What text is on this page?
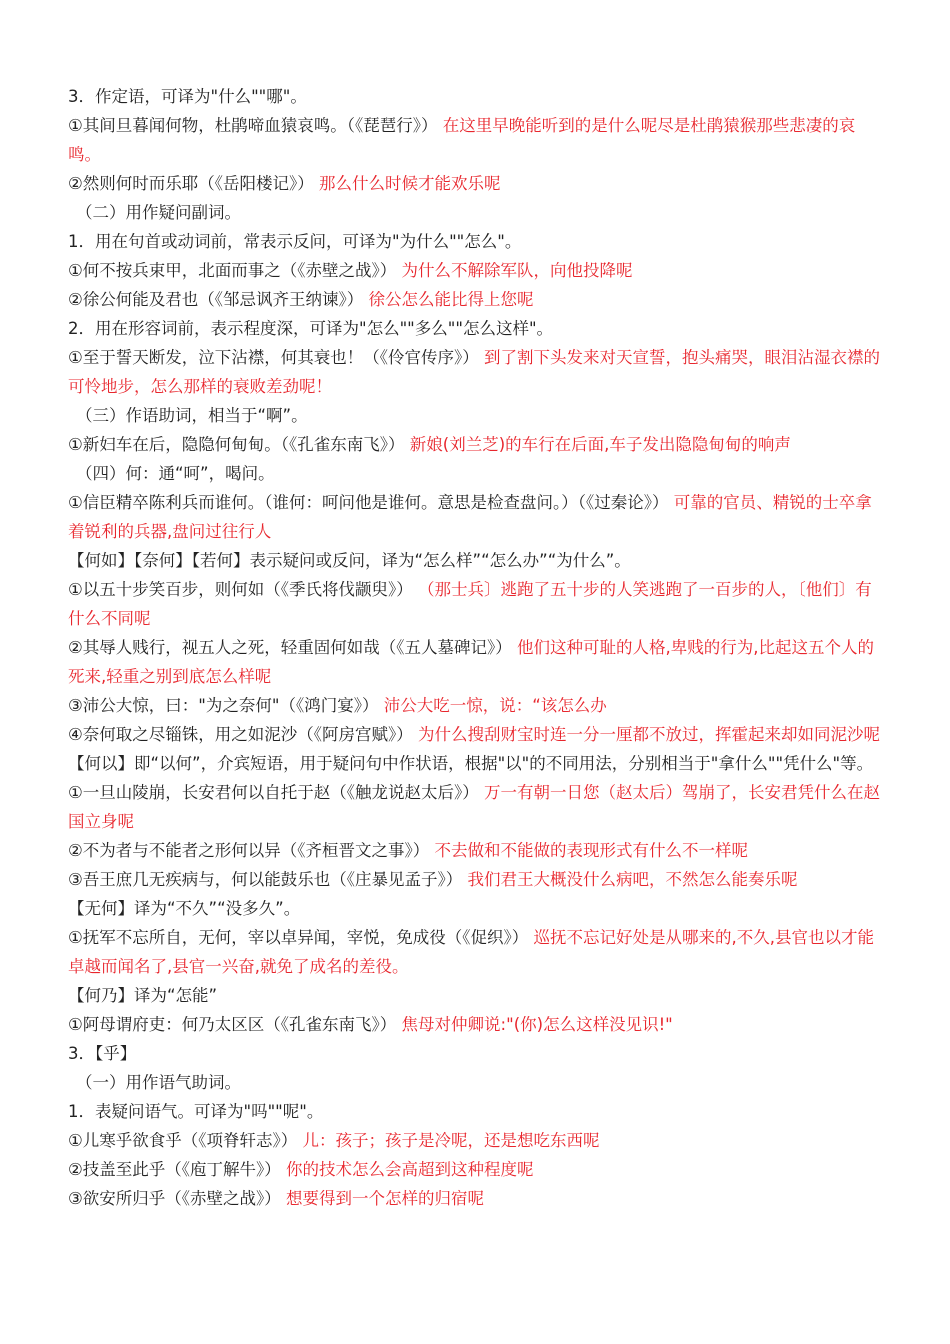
3．作定语，可译为"什么""哪"。
①其间旦暮闻何物，杜鹃啼血猿哀鸣。（《琵琶行》） 在这里早晚能听到的是什么呢尽是杜鹃猿猴那些悲凄的哀鸣。
②然则何时而乐耶（《岳阳楼记》） 那么什么时候才能欢乐呢
（二）用作疑问副词。
1．用在句首或动词前，常表示反问，可译为"为什么""怎么"。
①何不按兵束甲，北面而事之（《赤壁之战》） 为什么不解除军队，向他投降呢
②徐公何能及君也（《邹忌讽齐王纳谏》） 徐公怎么能比得上您呢
2．用在形容词前，表示程度深，可译为"怎么""多么""怎么这样"。
①至于誓天断发，泣下沾襟，何其衰也！（《伶官传序》） 到了割下头发来对天宣誓，抱头痛哭，眼泪沾湿衣襟的可怜地步，怎么那样的衰败差劲呢！
（三）作语助词，相当于“啊”。
①新妇车在后，隐隐何甸甸。（《孔雀东南飞》） 新娘(刘兰芝)的车行在后面,车子发出隐隐甸甸的响声
（四）何：通“呵”，喝问。
①信臣精卒陈利兵而谁何。（谁何：呵问他是谁何。意思是检查盘问。）（《过秦论》） 可靠的官员、精锐的士卒拿着锐利的兵器,盘问过往行人
【何如】【奈何】【若何】表示疑问或反问，译为“怎么样”“怎么办”“为什么”。
①以五十步笑百步，则何如（《季氏将伐颛臾》） （那士兵〕逃跑了五十步的人笑逃跑了一百步的人，〔他们〕有什么不同呢
②其辱人贱行，视五人之死，轻重固何如哉（《五人墓碑记》） 他们这种可耻的人格,卑贱的行为,比起这五个人的死来,轻重之别到底怎么样呢
③沛公大惊，曰："为之奈何"（《鸿门宴》） 沛公大吃一惊，说：“该怎么办
④奈何取之尽锱铢，用之如泥沙（《阿房宫赋》） 为什么搜刮财宝时连一分一厘都不放过，挥霍起来却如同泥沙呢
【何以】即“以何”，介宾短语，用于疑问句中作状语，根据"以"的不同用法，分别相当于"拿什么""凭什么"等。
①一旦山陵崩，长安君何以自托于赵（《触龙说赵太后》） 万一有朝一日您（赵太后）驾崩了，长安君凭什么在赵国立身呢
②不为者与不能者之形何以异（《齐桓晋文之事》） 不去做和不能做的表现形式有什么不一样呢
③吾王庶几无疾病与，何以能鼓乐也（《庄暴见孟子》） 我们君王大概没什么病吧，不然怎么能奏乐呢
【无何】译为“不久”“没多久”。
①抚军不忘所自，无何，宰以卓异闻，宰悦，免成役（《促织》） 巡抚不忘记好处是从哪来的,不久,县官也以才能卓越而闻名了,县官一兴奋,就免了成名的差役。
【何乃】译为“怎能”
①阿母谓府吏：何乃太区区（《孔雀东南飞》） 焦母对仲卿说:"(你)怎么这样没见识!"
3．【乎】
（一）用作语气助词。
1．表疑问语气。可译为"吗""呢"。
①儿寒乎欲食乎（《项脊轩志》） 儿：孩子；孩子是冷呢，还是想吃东西呢
②技盖至此乎（《庖丁解牛》） 你的技术怎么会高超到这种程度呢
③欲安所归乎（《赤壁之战》） 想要得到一个怎样的归宿呢
